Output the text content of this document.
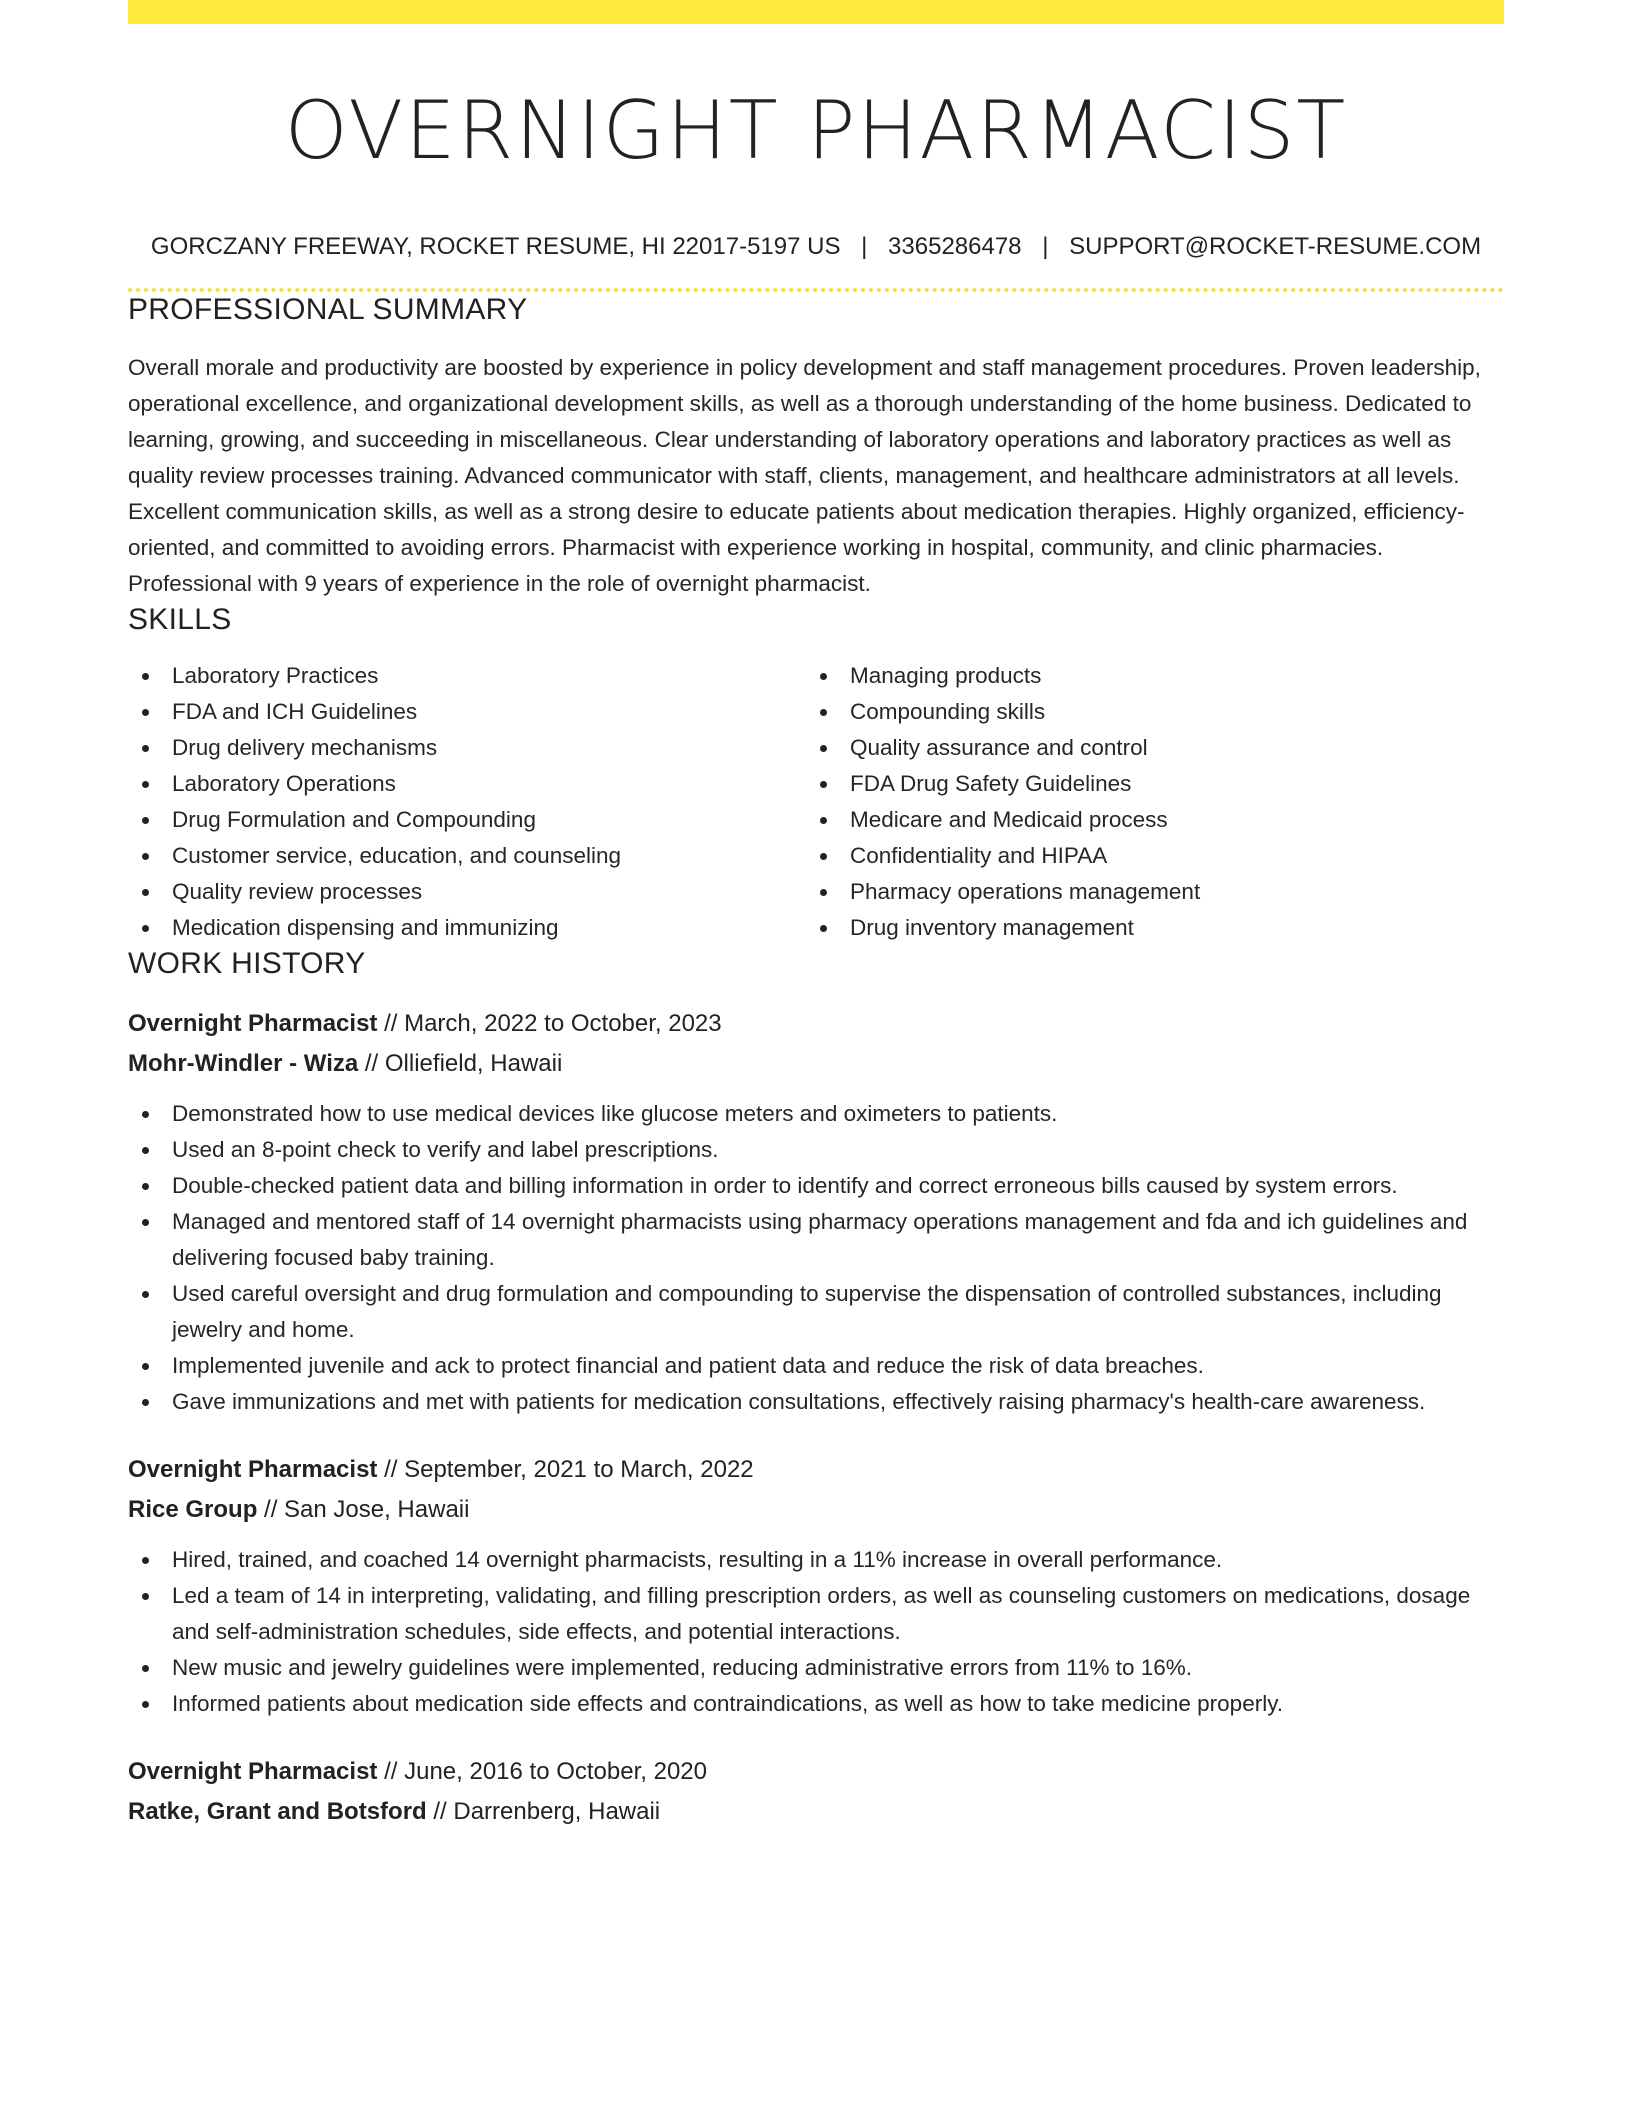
OVERNIGHT PHARMACIST
GORCZANY FREEWAY, ROCKET RESUME, HI 22017-5197 US | 3365286478 | SUPPORT@ROCKET-RESUME.COM
PROFESSIONAL SUMMARY

Overall morale and productivity are boosted by experience in policy development and staff management procedures. Proven leadership, operational excellence, and organizational development skills, as well as a thorough understanding of the home business. Dedicated to learning, growing, and succeeding in miscellaneous. Clear understanding of laboratory operations and laboratory practices as well as quality review processes training. Advanced communicator with staff, clients, management, and healthcare administrators at all levels. Excellent communication skills, as well as a strong desire to educate patients about medication therapies. Highly organized, efficiency-oriented, and committed to avoiding errors. Pharmacist with experience working in hospital, community, and clinic pharmacies. Professional with 9 years of experience in the role of overnight pharmacist.

SKILLS
Laboratory Practices
FDA and ICH Guidelines
Drug delivery mechanisms
Laboratory Operations
Drug Formulation and Compounding
Customer service, education, and counseling
Quality review processes
Medication dispensing and immunizing
Managing products
Compounding skills
Quality assurance and control
FDA Drug Safety Guidelines
Medicare and Medicaid process
Confidentiality and HIPAA
Pharmacy operations management
Drug inventory management
WORK HISTORY
Overnight Pharmacist // March, 2022 to October, 2023
Mohr-Windler - Wiza // Olliefield, Hawaii
Demonstrated how to use medical devices like glucose meters and oximeters to patients.
Used an 8-point check to verify and label prescriptions.
Double-checked patient data and billing information in order to identify and correct erroneous bills caused by system errors.
Managed and mentored staff of 14 overnight pharmacists using pharmacy operations management and fda and ich guidelines and delivering focused baby training.
Used careful oversight and drug formulation and compounding to supervise the dispensation of controlled substances, including jewelry and home.
Implemented juvenile and ack to protect financial and patient data and reduce the risk of data breaches.
Gave immunizations and met with patients for medication consultations, effectively raising pharmacy's health-care awareness.
Overnight Pharmacist // September, 2021 to March, 2022
Rice Group // San Jose, Hawaii
Hired, trained, and coached 14 overnight pharmacists, resulting in a 11% increase in overall performance.
Led a team of 14 in interpreting, validating, and filling prescription orders, as well as counseling customers on medications, dosage and self-administration schedules, side effects, and potential interactions.
New music and jewelry guidelines were implemented, reducing administrative errors from 11% to 16%.
Informed patients about medication side effects and contraindications, as well as how to take medicine properly.
Overnight Pharmacist // June, 2016 to October, 2020
Ratke, Grant and Botsford // Darrenberg, Hawaii
